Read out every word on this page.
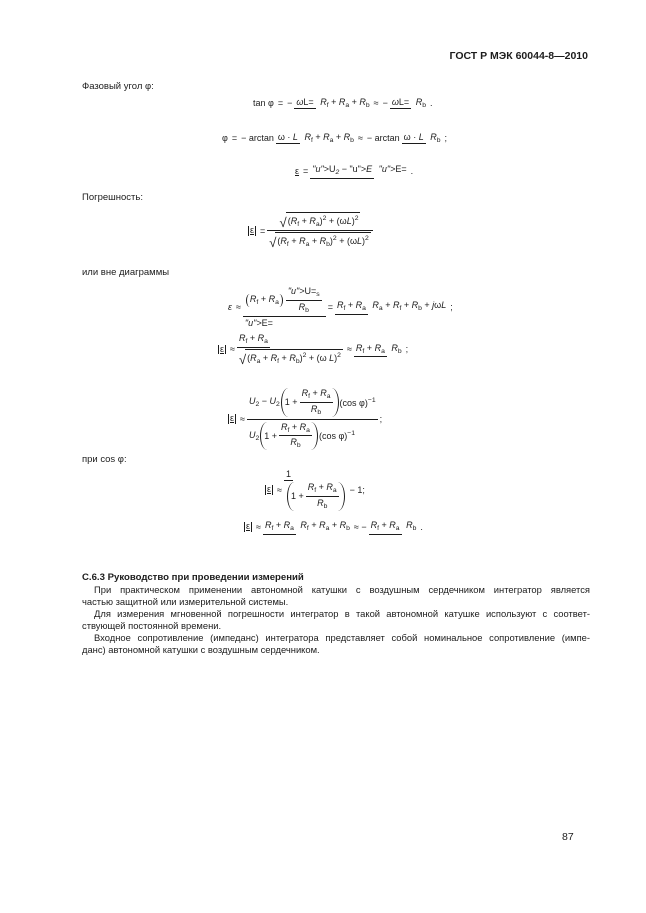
ГОСТ Р МЭК 60044-8—2010
Фазовый угол φ:
tan φ = − $\omega L= R_f + R_a + R_b$ ≈ − $\omega L= R_b$ .
φ = − arctan ω · L $R_f + R_a + R_b$ ≈ − arctan ω · L $R_b$ ;
$\varepsilon = "u">U_2$ − "u">E "u">E= .
Погрешность:
$\varepsilon = \frac{√ (R_f + R_a)^2 + (\omega L)^2}{√ (R_f + R_a + R_b)^2 + (\omega L)^2}$
или вне диаграммы
$\varepsilon \approx \frac{R_f + R_a \frac{"u">U=_s}{R_b}}{"u">E=} = R_f + R_a$ $R_a + R_f + R_b + j\omega L$ ;
$\varepsilon \approx \frac{R_f + R_a}{√ (R_a + R_f + R_b)^2 + (\omega L)^2} \approx R_f + R_a$ $R_b$ ;
ε ≈
$U_2 - U_2$ $1 + \frac{R_f + R_a}{R_b} (\cos$ φ)$^{-1}$
$U_2$ $1 + \frac{R_f + R_a}{R_b} (\cos$ φ)$^{-1}$
;
при cos φ:
$\varepsilon \approx \frac{1}{1 + \frac{R_f + R_a}{R_b}} - 1$;
$\varepsilon \approx R_f + R_a$ $R_f + R_a + R_b$ ≈ − $R_f + R_a$ $R_b$ .
С.6.3 Руководство при проведении измерений
При практическом применении автономной катушки с воздушным сердечником интегратор является
частью защитной или измерительной системы.
Для измерения мгновенной погрешности интегратор в такой автономной катушке используют с соответ-
ствующей постоянной времени.
Входное сопротивление (импеданс) интегратора представляет собой номинальное сопротивление (импе-
данс) автономной катушки с воздушным сердечником.
87
